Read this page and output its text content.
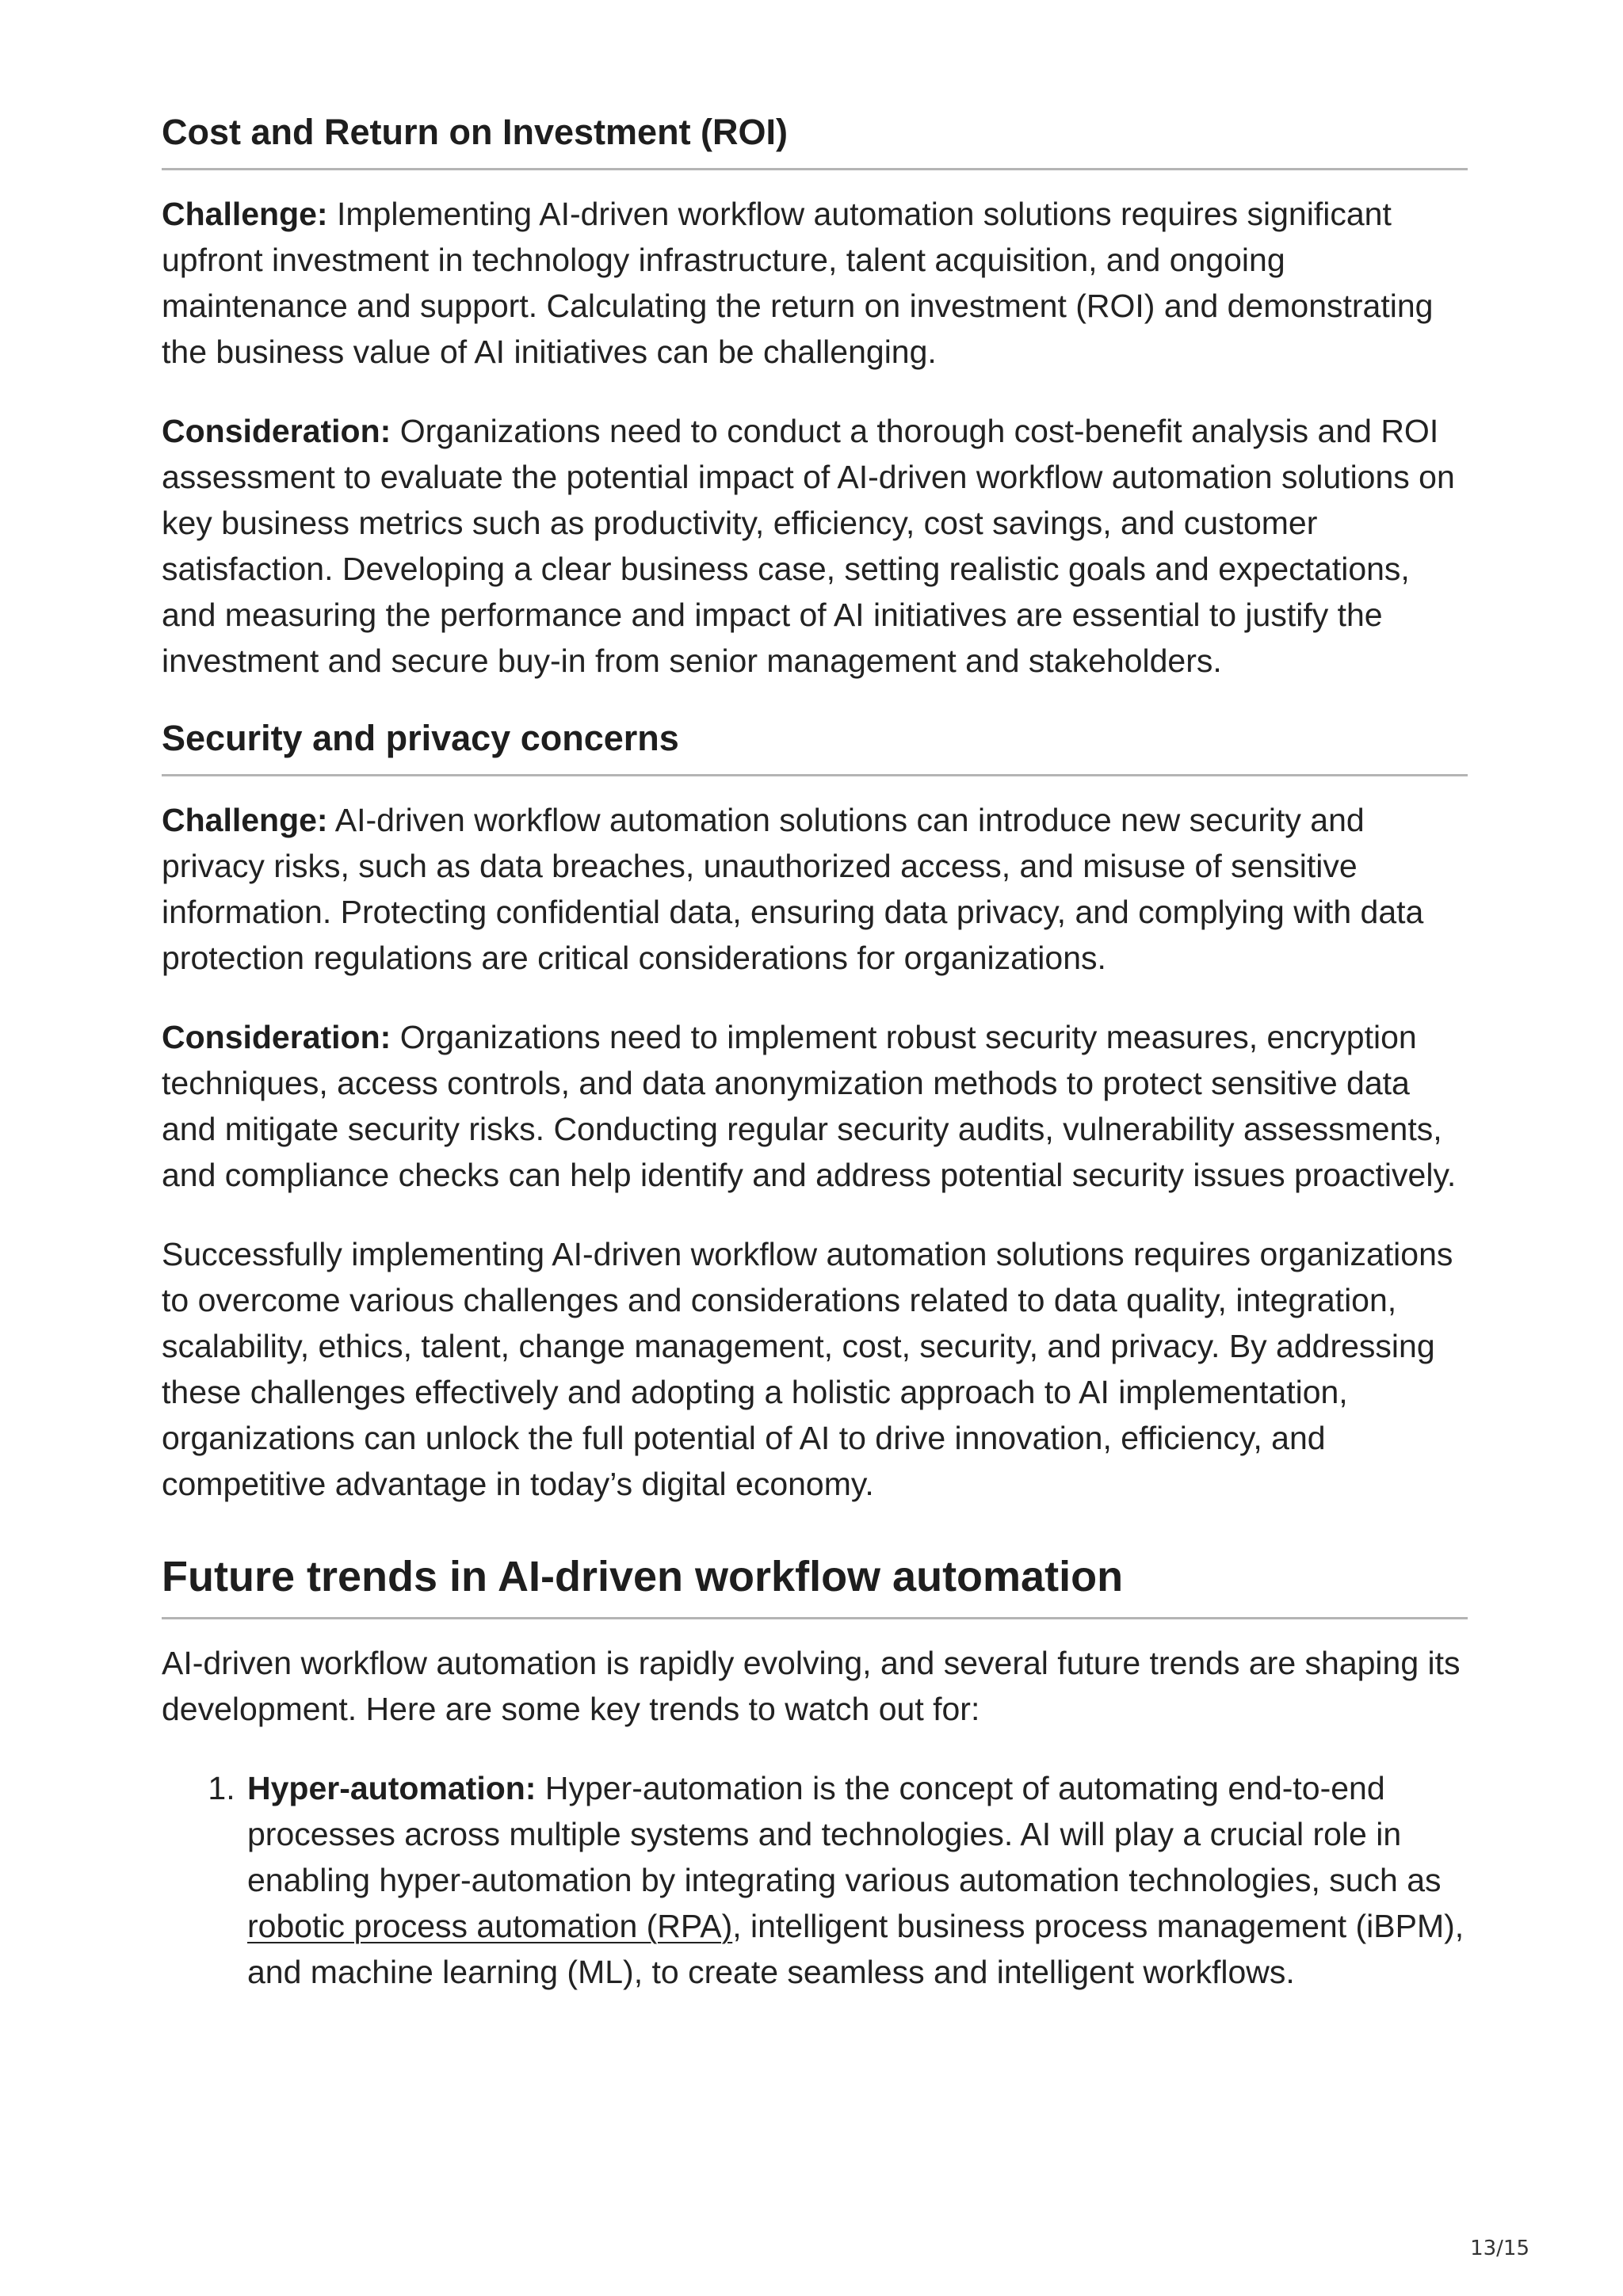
Cost and Return on Investment (ROI)

Challenge: Implementing AI-driven workflow automation solutions requires significant upfront investment in technology infrastructure, talent acquisition, and ongoing maintenance and support. Calculating the return on investment (ROI) and demonstrating the business value of AI initiatives can be challenging.

Consideration: Organizations need to conduct a thorough cost-benefit analysis and ROI assessment to evaluate the potential impact of AI-driven workflow automation solutions on key business metrics such as productivity, efficiency, cost savings, and customer satisfaction. Developing a clear business case, setting realistic goals and expectations, and measuring the performance and impact of AI initiatives are essential to justify the investment and secure buy-in from senior management and stakeholders.

Security and privacy concerns

Challenge: AI-driven workflow automation solutions can introduce new security and privacy risks, such as data breaches, unauthorized access, and misuse of sensitive information. Protecting confidential data, ensuring data privacy, and complying with data protection regulations are critical considerations for organizations.

Consideration: Organizations need to implement robust security measures, encryption techniques, access controls, and data anonymization methods to protect sensitive data and mitigate security risks. Conducting regular security audits, vulnerability assessments, and compliance checks can help identify and address potential security issues proactively.

Successfully implementing AI-driven workflow automation solutions requires organizations to overcome various challenges and considerations related to data quality, integration, scalability, ethics, talent, change management, cost, security, and privacy. By addressing these challenges effectively and adopting a holistic approach to AI implementation, organizations can unlock the full potential of AI to drive innovation, efficiency, and competitive advantage in today’s digital economy.

Future trends in AI-driven workflow automation

AI-driven workflow automation is rapidly evolving, and several future trends are shaping its development. Here are some key trends to watch out for:

1. Hyper-automation: Hyper-automation is the concept of automating end-to-end processes across multiple systems and technologies. AI will play a crucial role in enabling hyper-automation by integrating various automation technologies, such as robotic process automation (RPA), intelligent business process management (iBPM), and machine learning (ML), to create seamless and intelligent workflows.
13/15
